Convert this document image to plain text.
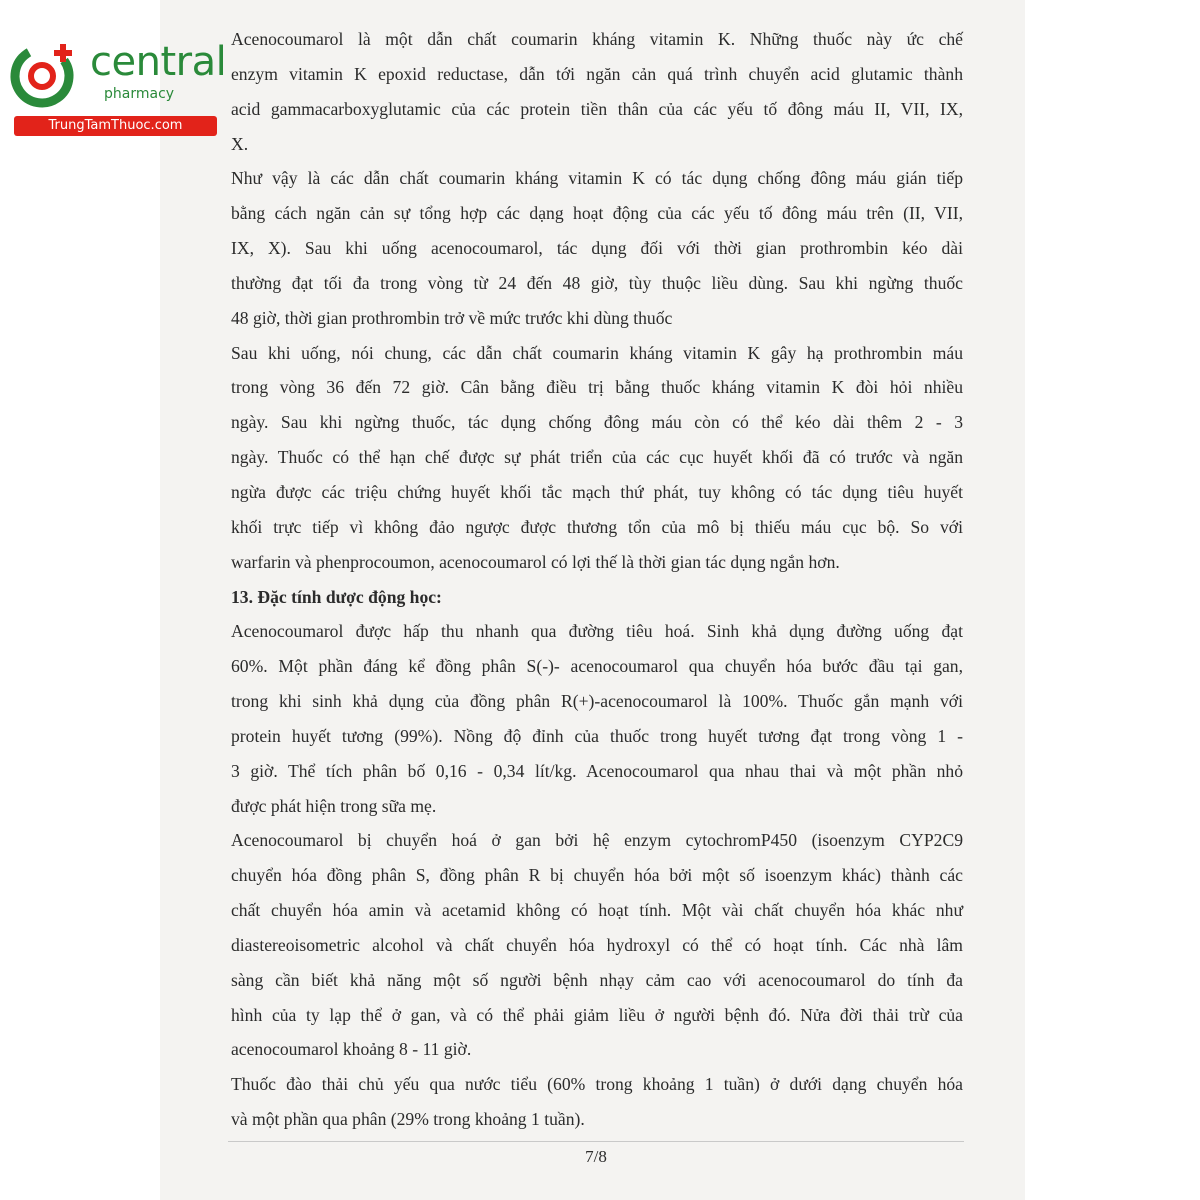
central
pharmacy
TrungTamThuoc.com
Acenocoumarol là một dẫn chất coumarin kháng vitamin K. Những thuốc này ức chế
enzym vitamin K epoxid reductase, dẫn tới ngăn cản quá trình chuyển acid glutamic thành
acid gammacarboxyglutamic của các protein tiền thân của các yếu tố đông máu II, VII, IX,
X.
Như vậy là các dẫn chất coumarin kháng vitamin K có tác dụng chống đông máu gián tiếp
bằng cách ngăn cản sự tổng hợp các dạng hoạt động của các yếu tố đông máu trên (II, VII,
IX, X). Sau khi uống acenocoumarol, tác dụng đối với thời gian prothrombin kéo dài
thường đạt tối đa trong vòng từ 24 đến 48 giờ, tùy thuộc liều dùng. Sau khi ngừng thuốc
48 giờ, thời gian prothrombin trở về mức trước khi dùng thuốc
Sau khi uống, nói chung, các dẫn chất coumarin kháng vitamin K gây hạ prothrombin máu
trong vòng 36 đến 72 giờ. Cân bằng điều trị bằng thuốc kháng vitamin K đòi hỏi nhiều
ngày. Sau khi ngừng thuốc, tác dụng chống đông máu còn có thể kéo dài thêm 2 - 3
ngày. Thuốc có thể hạn chế được sự phát triển của các cục huyết khối đã có trước và ngăn
ngừa được các triệu chứng huyết khối tắc mạch thứ phát, tuy không có tác dụng tiêu huyết
khối trực tiếp vì không đảo ngược được thương tổn của mô bị thiếu máu cục bộ. So với
warfarin và phenprocoumon, acenocoumarol có lợi thế là thời gian tác dụng ngắn hơn.
13. Đặc tính dược động học:
Acenocoumarol được hấp thu nhanh qua đường tiêu hoá. Sinh khả dụng đường uống đạt
60%. Một phần đáng kể đồng phân S(-)- acenocoumarol qua chuyển hóa bước đầu tại gan,
trong khi sinh khả dụng của đồng phân R(+)-acenocoumarol là 100%. Thuốc gắn mạnh với
protein huyết tương (99%). Nồng độ đỉnh của thuốc trong huyết tương đạt trong vòng 1 -
3 giờ. Thể tích phân bố 0,16 - 0,34 lít/kg. Acenocoumarol qua nhau thai và một phần nhỏ
được phát hiện trong sữa mẹ.
Acenocoumarol bị chuyển hoá ở gan bởi hệ enzym cytochromP450 (isoenzym CYP2C9
chuyển hóa đồng phân S, đồng phân R bị chuyển hóa bởi một số isoenzym khác) thành các
chất chuyển hóa amin và acetamid không có hoạt tính. Một vài chất chuyển hóa khác như
diastereoisometric alcohol và chất chuyển hóa hydroxyl có thể có hoạt tính. Các nhà lâm
sàng cần biết khả năng một số người bệnh nhạy cảm cao với acenocoumarol do tính đa
hình của ty lạp thể ở gan, và có thể phải giảm liều ở người bệnh đó. Nửa đời thải trừ của
acenocoumarol khoảng 8 - 11 giờ.
Thuốc đào thải chủ yếu qua nước tiểu (60% trong khoảng 1 tuần) ở dưới dạng chuyển hóa
và một phần qua phân (29% trong khoảng 1 tuần).
7/8
